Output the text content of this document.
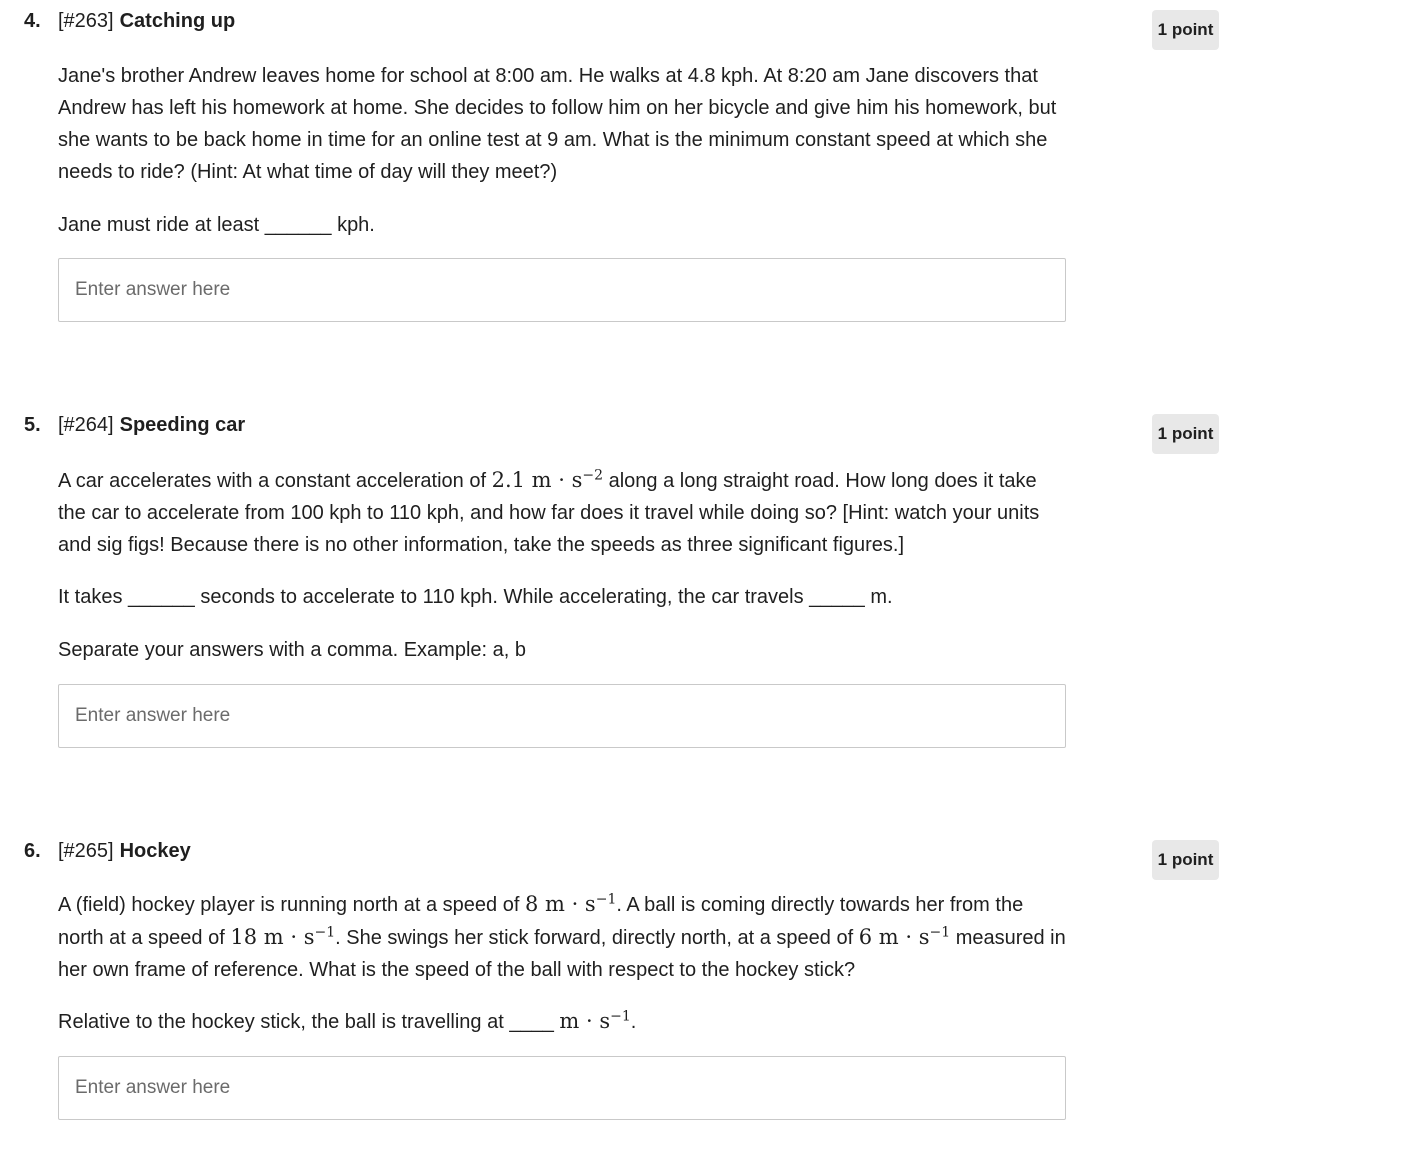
4. [#263] Catching up	1 point

Jane's brother Andrew leaves home for school at 8:00 am. He walks at 4.8 kph. At 8:20 am Jane discovers that Andrew has left his homework at home. She decides to follow him on her bicycle and give him his homework, but she wants to be back home in time for an online test at 9 am. What is the minimum constant speed at which she needs to ride? (Hint: At what time of day will they meet?)

Jane must ride at least ______ kph.

Enter answer here
5. [#264] Speeding car	1 point

A car accelerates with a constant acceleration of 2.1 $m \cdot s^{-2}$ along a long straight road. How long does it take the car to accelerate from 100 kph to 110 kph, and how far does it travel while doing so? [Hint: watch your units and sig figs! Because there is no other information, take the speeds as three significant figures.]

It takes ______ seconds to accelerate to 110 kph. While accelerating, the car travels _____ m.

Separate your answers with a comma. Example: a, b

Enter answer here
6. [#265] Hockey	1 point

A (field) hockey player is running north at a speed of 8 $m \cdot s^{-1}$. A ball is coming directly towards her from the north at a speed of 18 $m \cdot s^{-1}$. She swings her stick forward, directly north, at a speed of 6 $m \cdot s^{-1}$ measured in her own frame of reference. What is the speed of the ball with respect to the hockey stick?

Relative to the hockey stick, the ball is travelling at ____ $m \cdot s^{-1}$.

Enter answer here
